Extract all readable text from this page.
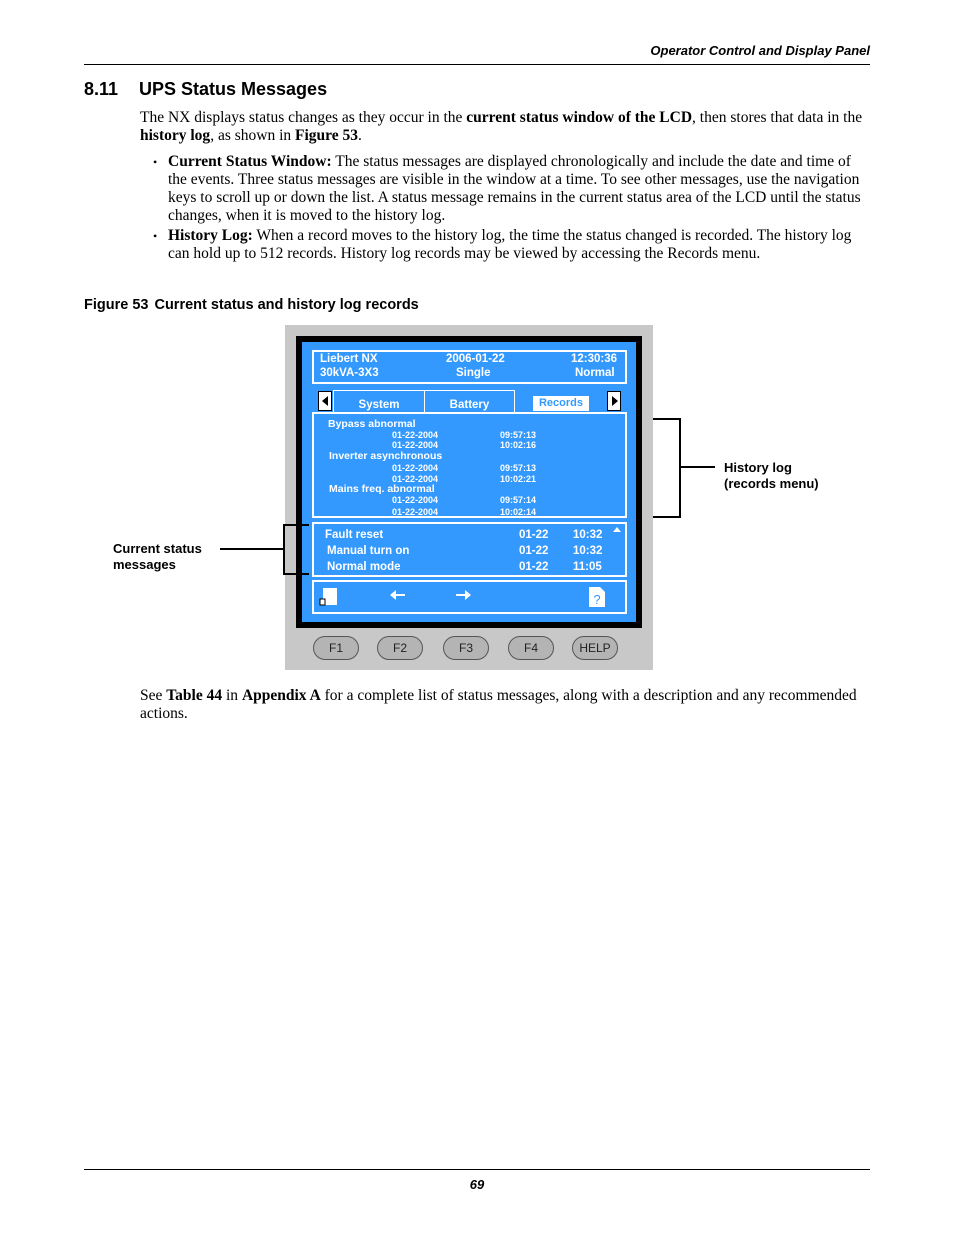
Operator Control and Display Panel
8.11 UPS Status Messages
The NX displays status changes as they occur in the current status window of the LCD, then stores that data in the history log, as shown in Figure 53.
• Current Status Window: The status messages are displayed chronologically and include the date and time of the events. Three status messages are visible in the window at a time. To see other messages, use the navigation keys to scroll up or down the list. A status message remains in the current status area of the LCD until the status changes, when it is moved to the history log.
• History Log: When a record moves to the history log, the time the status changed is recorded. The history log can hold up to 512 records. History log records may be viewed by accessing the Records menu.
Figure 53 Current status and history log records
Liebert NX
30kVA-3X3
2006-01-22
Single
12:30:36
Normal
System	Battery	Records
Bypass abnormal
01-22-2004	09:57:13
01-22-2004	10:02:16
Inverter asynchronous
01-22-2004	09:57:13
01-22-2004	10:02:21
Mains freq. abnormal
01-22-2004	09:57:14
01-22-2004	10:02:14
Fault reset	01-22 10:32
Manual turn on	01-22 10:32
Normal mode	01-22 11:05
?
F1	F2	F3	F4	HELP
History log
(records menu)
Current status
messages
See Table 44 in Appendix A for a complete list of status messages, along with a description and any recommended actions.
69
